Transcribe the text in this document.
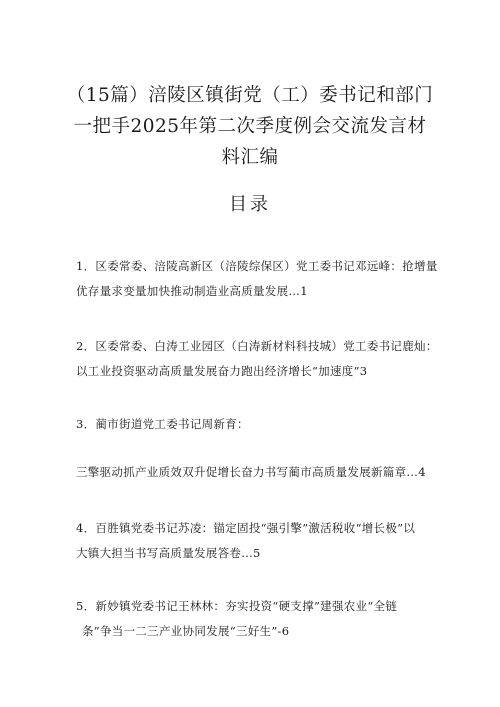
（15篇）涪陵区镇街党（工）委书记和部门
一把手2025年第二次季度例会交流发言材
料汇编
目录
1．区委常委、涪陵高新区（涪陵综保区）党工委书记邓远峰：抢增量
优存量求变量加快推动制造业高质量发展…1
2．区委常委、白涛工业园区（白涛新材料科技城）党工委书记鹿灿：
以工业投资驱动高质量发展奋力跑出经济增长“加速度”3
3．蔺市街道党工委书记周新育：
三擎驱动抓产业质效双升促增长奋力书写蔺市高质量发展新篇章…4
4．百胜镇党委书记苏凌：锚定固投“强引擎”激活税收“增长极”以
大镇大担当书写高质量发展答卷…5
5．新妙镇党委书记王林林：夯实投资“硬支撑”建强农业“全链
条”争当一二三产业协同发展“三好生”-6
